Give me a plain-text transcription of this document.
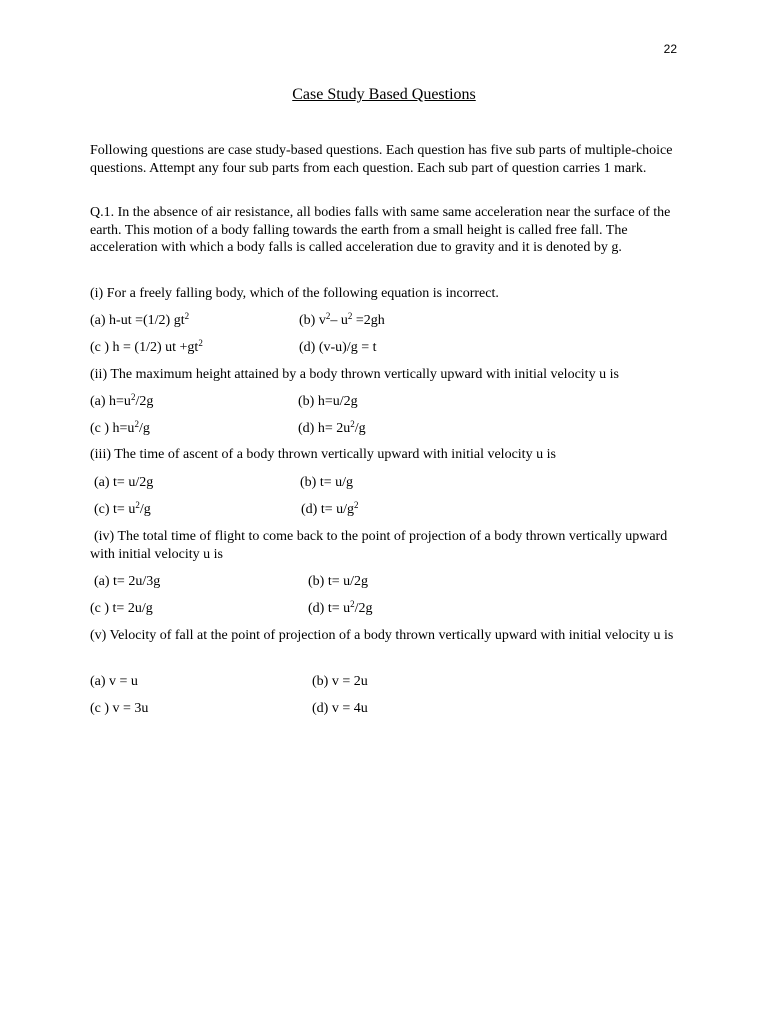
22
Case Study Based Questions

Following questions are case study-based questions. Each question has five sub parts of multiple-choice questions. Attempt any four sub parts from each question. Each sub part of question carries 1 mark.

Q.1. In the absence of air resistance, all bodies falls with same same acceleration near the surface of the earth. This motion of a body falling towards the earth from a small height is called free fall. The acceleration with which a body falls is called acceleration due to gravity and it is denoted by g.

(i) For a freely falling body, which of the following equation is incorrect.

(a) h-ut =(1/2) $gt^2$	(b) $v^2-$ $u^2 =2gh$
(c ) h = (1/2) ut $+gt^2$	(d) (v-u)/g = t

(ii) The maximum height attained by a body thrown vertically upward with initial velocity u is

(a) $h=u^2/2g$	(b) h=u/2g
(c ) $h=u^2/g$	(d) $h= 2u^2/g$

(iii) The time of ascent of a body thrown vertically upward with initial velocity u is

(a) t= u/2g	(b) t= u/g
(c) $t= u^2/g$	(d) $t= u/g^2$

(iv) The total time of flight to come back to the point of projection of a body thrown vertically upward with initial velocity u is

(a) t= 2u/3g	(b) t= u/2g
(c ) t= 2u/g	(d) $t= u^2/2g$

(v) Velocity of fall at the point of projection of a body thrown vertically upward with initial velocity u is

(a) v = u	(b) v = 2u
(c ) v = 3u	(d) v = 4u
